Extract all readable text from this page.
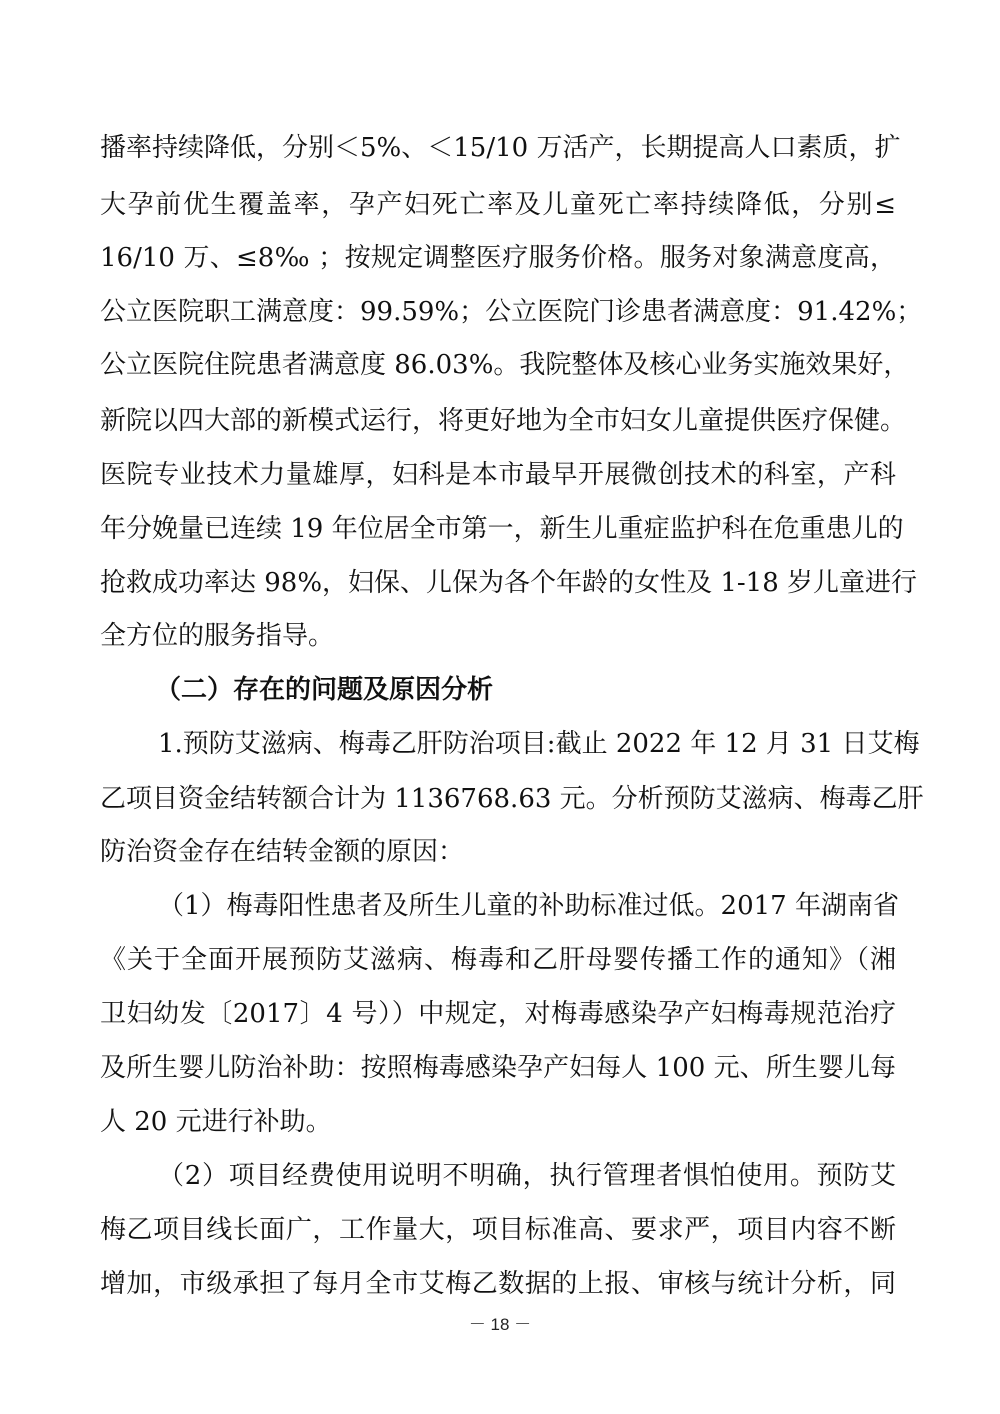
播率持续降低，分别＜5%、＜15/10 万活产，长期提高人口素质，扩
大孕前优生覆盖率，孕产妇死亡率及儿童死亡率持续降低，分别≤
16/10 万、≤8‰ ；按规定调整医疗服务价格。服务对象满意度高，
公立医院职工满意度：99.59%；公立医院门诊患者满意度：91.42%；
公立医院住院患者满意度 86.03%。我院整体及核心业务实施效果好，
新院以四大部的新模式运行，将更好地为全市妇女儿童提供医疗保健。
医院专业技术力量雄厚，妇科是本市最早开展微创技术的科室，产科
年分娩量已连续 19 年位居全市第一，新生儿重症监护科在危重患儿的
抢救成功率达 98%，妇保、儿保为各个年龄的女性及 1-18 岁儿童进行
全方位的服务指导。
（二）存在的问题及原因分析
1.预防艾滋病、梅毒乙肝防治项目:截止 2022 年 12 月 31 日艾梅
乙项目资金结转额合计为 1136768.63 元。分析预防艾滋病、梅毒乙肝
防治资金存在结转金额的原因：
（1）梅毒阳性患者及所生儿童的补助标准过低。2017 年湖南省
《关于全面开展预防艾滋病、梅毒和乙肝母婴传播工作的通知》（湘
卫妇幼发〔2017〕4 号））中规定，对梅毒感染孕产妇梅毒规范治疗
及所生婴儿防治补助：按照梅毒感染孕产妇每人 100 元、所生婴儿每
人 20 元进行补助。
（2）项目经费使用说明不明确，执行管理者惧怕使用。预防艾
梅乙项目线长面广，工作量大，项目标准高、要求严，项目内容不断
增加，市级承担了每月全市艾梅乙数据的上报、审核与统计分析，同
－ 18 －
